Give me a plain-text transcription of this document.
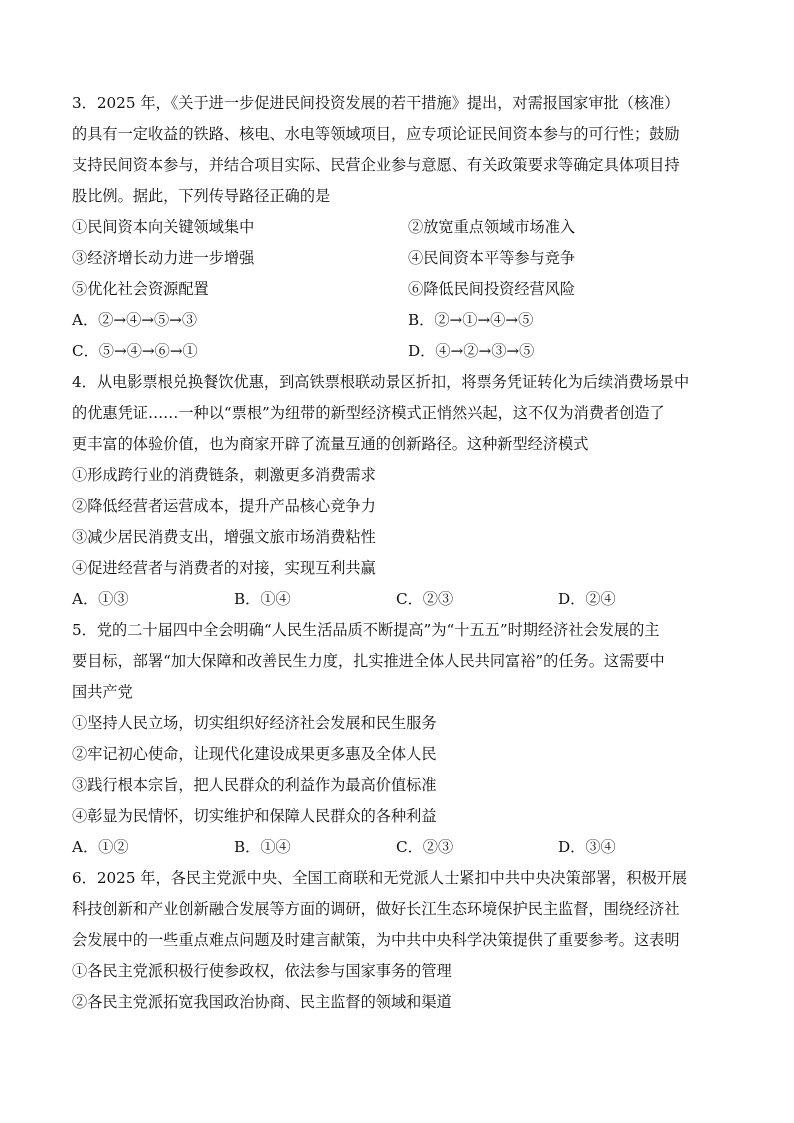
3．2025 年，《关于进一步促进民间投资发展的若干措施》提出，对需报国家审批（核准）

的具有一定收益的铁路、核电、水电等领域项目，应专项论证民间资本参与的可行性；鼓励

支持民间资本参与，并结合项目实际、民营企业参与意愿、有关政策要求等确定具体项目持

股比例。据此，下列传导路径正确的是

①民间资本向关键领域集中	②放宽重点领域市场准入
③经济增长动力进一步增强	④民间资本平等参与竞争
⑤优化社会资源配置	⑥降低民间投资经营风险
A．②→④→⑤→③	B．②→①→④→⑤
C．⑤→④→⑥→①	D．④→②→③→⑤

4．从电影票根兑换餐饮优惠，到高铁票根联动景区折扣，将票务凭证转化为后续消费场景中

的优惠凭证……一种以“票根”为纽带的新型经济模式正悄然兴起，这不仅为消费者创造了

更丰富的体验价值，也为商家开辟了流量互通的创新路径。这种新型经济模式

①形成跨行业的消费链条，刺激更多消费需求

②降低经营者运营成本，提升产品核心竞争力

③减少居民消费支出，增强文旅市场消费粘性

④促进经营者与消费者的对接，实现互利共赢

A．①③	B．①④	C．②③	D．②④

5．党的二十届四中全会明确“人民生活品质不断提高”为“十五五”时期经济社会发展的主

要目标，部署“加大保障和改善民生力度，扎实推进全体人民共同富裕”的任务。这需要中

国共产党

①坚持人民立场，切实组织好经济社会发展和民生服务

②牢记初心使命，让现代化建设成果更多惠及全体人民

③践行根本宗旨，把人民群众的利益作为最高价值标准

④彰显为民情怀，切实维护和保障人民群众的各种利益

A．①②	B．①④	C．②③	D．③④

6．2025 年，各民主党派中央、全国工商联和无党派人士紧扣中共中央决策部署，积极开展

科技创新和产业创新融合发展等方面的调研，做好长江生态环境保护民主监督，围绕经济社

会发展中的一些重点难点问题及时建言献策，为中共中央科学决策提供了重要参考。这表明

①各民主党派积极行使参政权，依法参与国家事务的管理

②各民主党派拓宽我国政治协商、民主监督的领域和渠道
